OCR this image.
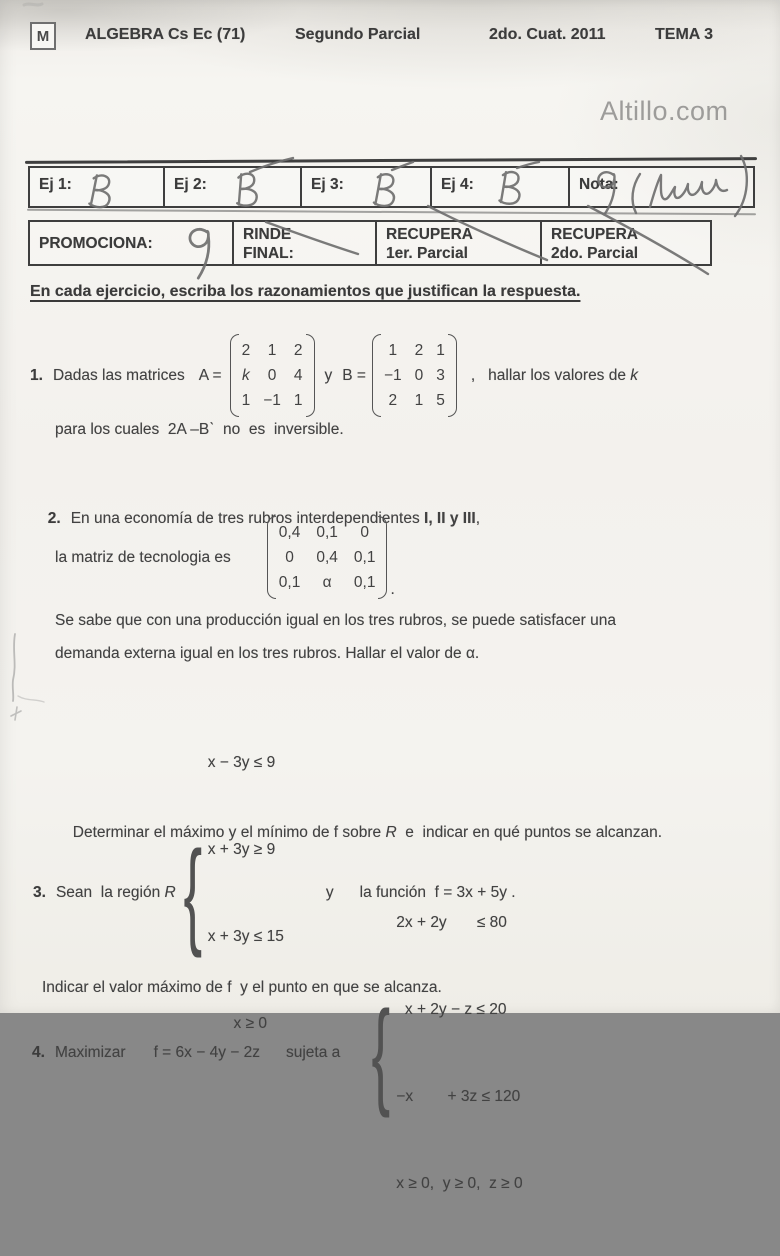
M	ALGEBRA Cs Ec (71)	Segundo Parcial	2do. Cuat. 2011	TEMA 3
Altillo.com
Ej 1:	Ej 2:	Ej 3:	Ej 4:	Nota:
PROMOCIONA:
RINDE
FINAL:
RECUPERA
1er. Parcial
RECUPERA
2do. Parcial
En cada ejercicio, escriba los razonamientos que justifican la respuesta.
1. Dadas las matrices A =
2 1 2
k 0 4
1 −1 1
y B =
1 2 1
−1 0 3
2 1 5
,   hallar los valores de k
para los cuales  2A –Bˋ  no  es  inversible.

2. En una economía de tres rubros interdependientes I, II y III,

la matriz de tecnologia es
0,4 0,1	0
0	0,4 0,1
0,1	α	0,1 .
Se sabe que con una producción igual en los tres rubros, se puede satisfacer una
demanda externa igual en los tres rubros. Hallar el valor de α.
3. Sean  la región R {

x − 3y ≤ 9

x + 3y ≥ 9

x + 3y ≤ 15

x ≥ 0

y la función  f = 3x + 5y .

Determinar el máximo y el mínimo de f sobre R  e  indicar en qué puntos se alcanzan.

4. Maximizar f = 6x − 4y − 2z sujeta a {

2x + 2y       ≤ 80

x + 2y − z ≤ 20

−x        + 3z ≤ 120

x ≥ 0,  y ≥ 0,  z ≥ 0

Indicar el valor máximo de f  y el punto en que se alcanza.
